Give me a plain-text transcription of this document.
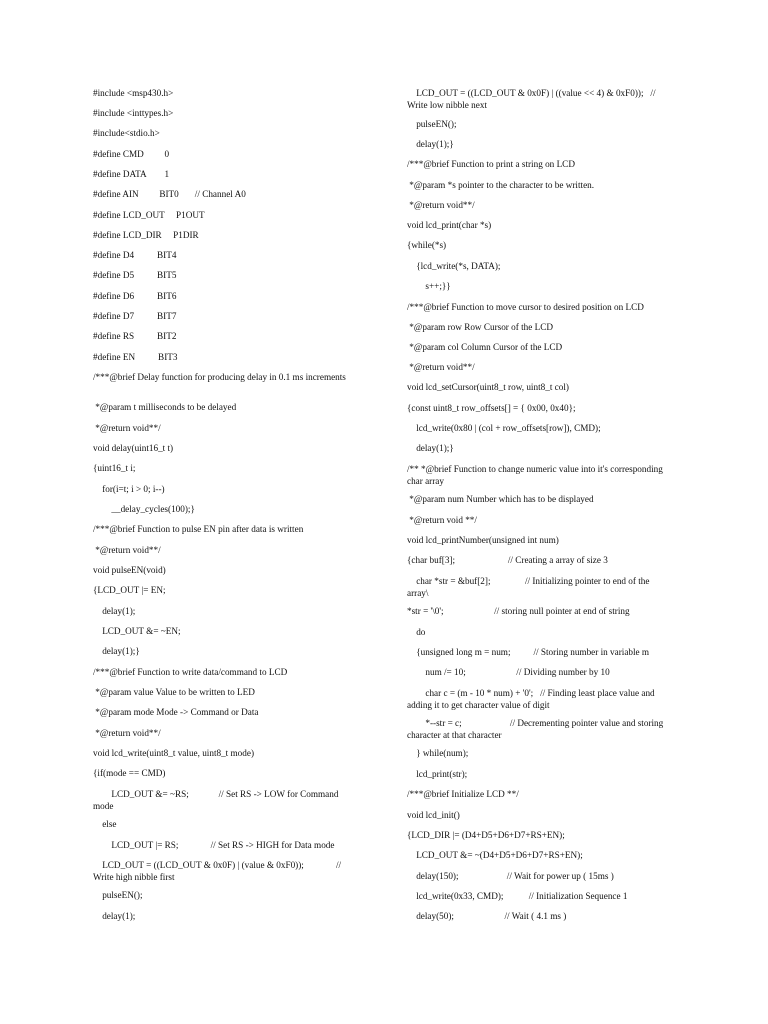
#include <msp430.h>
#include <inttypes.h>
#include<stdio.h>
#define CMD         0
#define DATA        1
#define AIN         BIT0       // Channel A0
#define LCD_OUT     P1OUT
#define LCD_DIR     P1DIR
#define D4          BIT4
#define D5          BIT5
#define D6          BIT6
#define D7          BIT7
#define RS          BIT2
#define EN          BIT3
/***@brief Delay function for producing delay in 0.1 ms increments
*@param t milliseconds to be delayed
*@return void**/
void delay(uint16_t t)
{uint16_t i;
for(i=t; i > 0; i--)
__delay_cycles(100);}
/***@brief Function to pulse EN pin after data is written
*@return void**/
void pulseEN(void)
{LCD_OUT |= EN;
delay(1);
LCD_OUT &= ~EN;
delay(1);}
/***@brief Function to write data/command to LCD
*@param value Value to be written to LED
*@param mode Mode -> Command or Data
*@return void**/
void lcd_write(uint8_t value, uint8_t mode)
{if(mode == CMD)
LCD_OUT &= ~RS;             // Set RS -> LOW for Command mode
else
LCD_OUT |= RS;              // Set RS -> HIGH for Data mode
LCD_OUT = ((LCD_OUT & 0x0F) | (value & 0xF0));              // Write high nibble first
pulseEN();
delay(1);
LCD_OUT = ((LCD_OUT & 0x0F) | ((value << 4) & 0xF0));   // Write low nibble next
pulseEN();
delay(1);}
/***@brief Function to print a string on LCD
*@param *s pointer to the character to be written.
*@return void**/
void lcd_print(char *s)
{while(*s)
{lcd_write(*s, DATA);
s++;}}
/***@brief Function to move cursor to desired position on LCD
*@param row Row Cursor of the LCD
*@param col Column Cursor of the LCD
*@return void**/
void lcd_setCursor(uint8_t row, uint8_t col)
{const uint8_t row_offsets[] = { 0x00, 0x40};
lcd_write(0x80 | (col + row_offsets[row]), CMD);
delay(1);}
/** *@brief Function to change numeric value into it's corresponding char array
*@param num Number which has to be displayed
*@return void **/
void lcd_printNumber(unsigned int num)
{char buf[3];                       // Creating a array of size 3
char *str = &buf[2];               // Initializing pointer to end of the array\
*str = '\0';                      // storing null pointer at end of string
do
{unsigned long m = num;          // Storing number in variable m
num /= 10;                      // Dividing number by 10
char c = (m - 10 * num) + '0';   // Finding least place value and adding it to get character value of digit
*--str = c;                     // Decrementing pointer value and storing character at that character
} while(num);
lcd_print(str);
/***@brief Initialize LCD **/
void lcd_init()
{LCD_DIR |= (D4+D5+D6+D7+RS+EN);
LCD_OUT &= ~(D4+D5+D6+D7+RS+EN);
delay(150);                     // Wait for power up ( 15ms )
lcd_write(0x33, CMD);           // Initialization Sequence 1
delay(50);                      // Wait ( 4.1 ms )
